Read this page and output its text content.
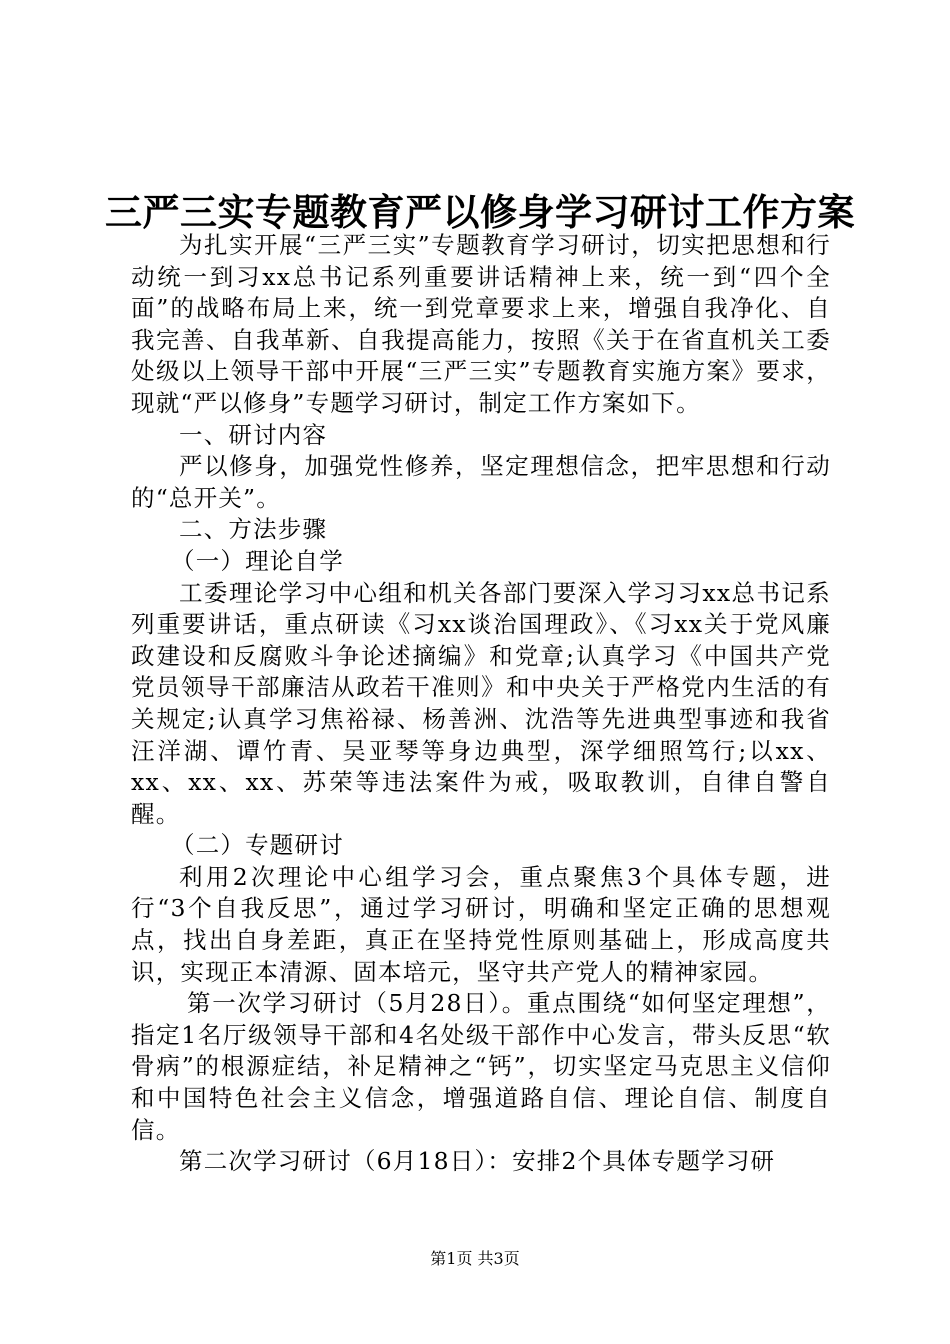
三严三实专题教育严以修身学习研讨工作方案

为扎实开展“三严三实”专题教育学习研讨，切实把思想和行动统一到习xx总书记系列重要讲话精神上来，统一到“四个全面”的战略布局上来，统一到党章要求上来，增强自我净化、自我完善、自我革新、自我提高能力，按照《关于在省直机关工委处级以上领导干部中开展“三严三实”专题教育实施方案》要求，现就“严以修身”专题学习研讨，制定工作方案如下。

一、研讨内容

严以修身，加强党性修养，坚定理想信念，把牢思想和行动的“总开关”。

二、方法步骤

（一）理论自学

工委理论学习中心组和机关各部门要深入学习习xx总书记系列重要讲话，重点研读《习xx谈治国理政》、《习xx关于党风廉政建设和反腐败斗争论述摘编》和党章;认真学习《中国共产党党员领导干部廉洁从政若干准则》和中央关于严格党内生活的有关规定;认真学习焦裕禄、杨善洲、沈浩等先进典型事迹和我省汪洋湖、谭竹青、吴亚琴等身边典型，深学细照笃行;以xx、xx、xx、xx、苏荣等违法案件为戒，吸取教训，自律自警自醒。

（二）专题研讨

利用2次理论中心组学习会，重点聚焦3个具体专题，进行“3个自我反思”，通过学习研讨，明确和坚定正确的思想观点，找出自身差距，真正在坚持党性原则基础上，形成高度共识，实现正本清源、固本培元，坚守共产党人的精神家园。

第一次学习研讨（5月28日）。重点围绕“如何坚定理想”，指定1名厅级领导干部和4名处级干部作中心发言，带头反思“软骨病”的根源症结，补足精神之“钙”，切实坚定马克思主义信仰和中国特色社会主义信念，增强道路自信、理论自信、制度自信。

第二次学习研讨（6月18日）：安排2个具体专题学习研

第1页 共3页
